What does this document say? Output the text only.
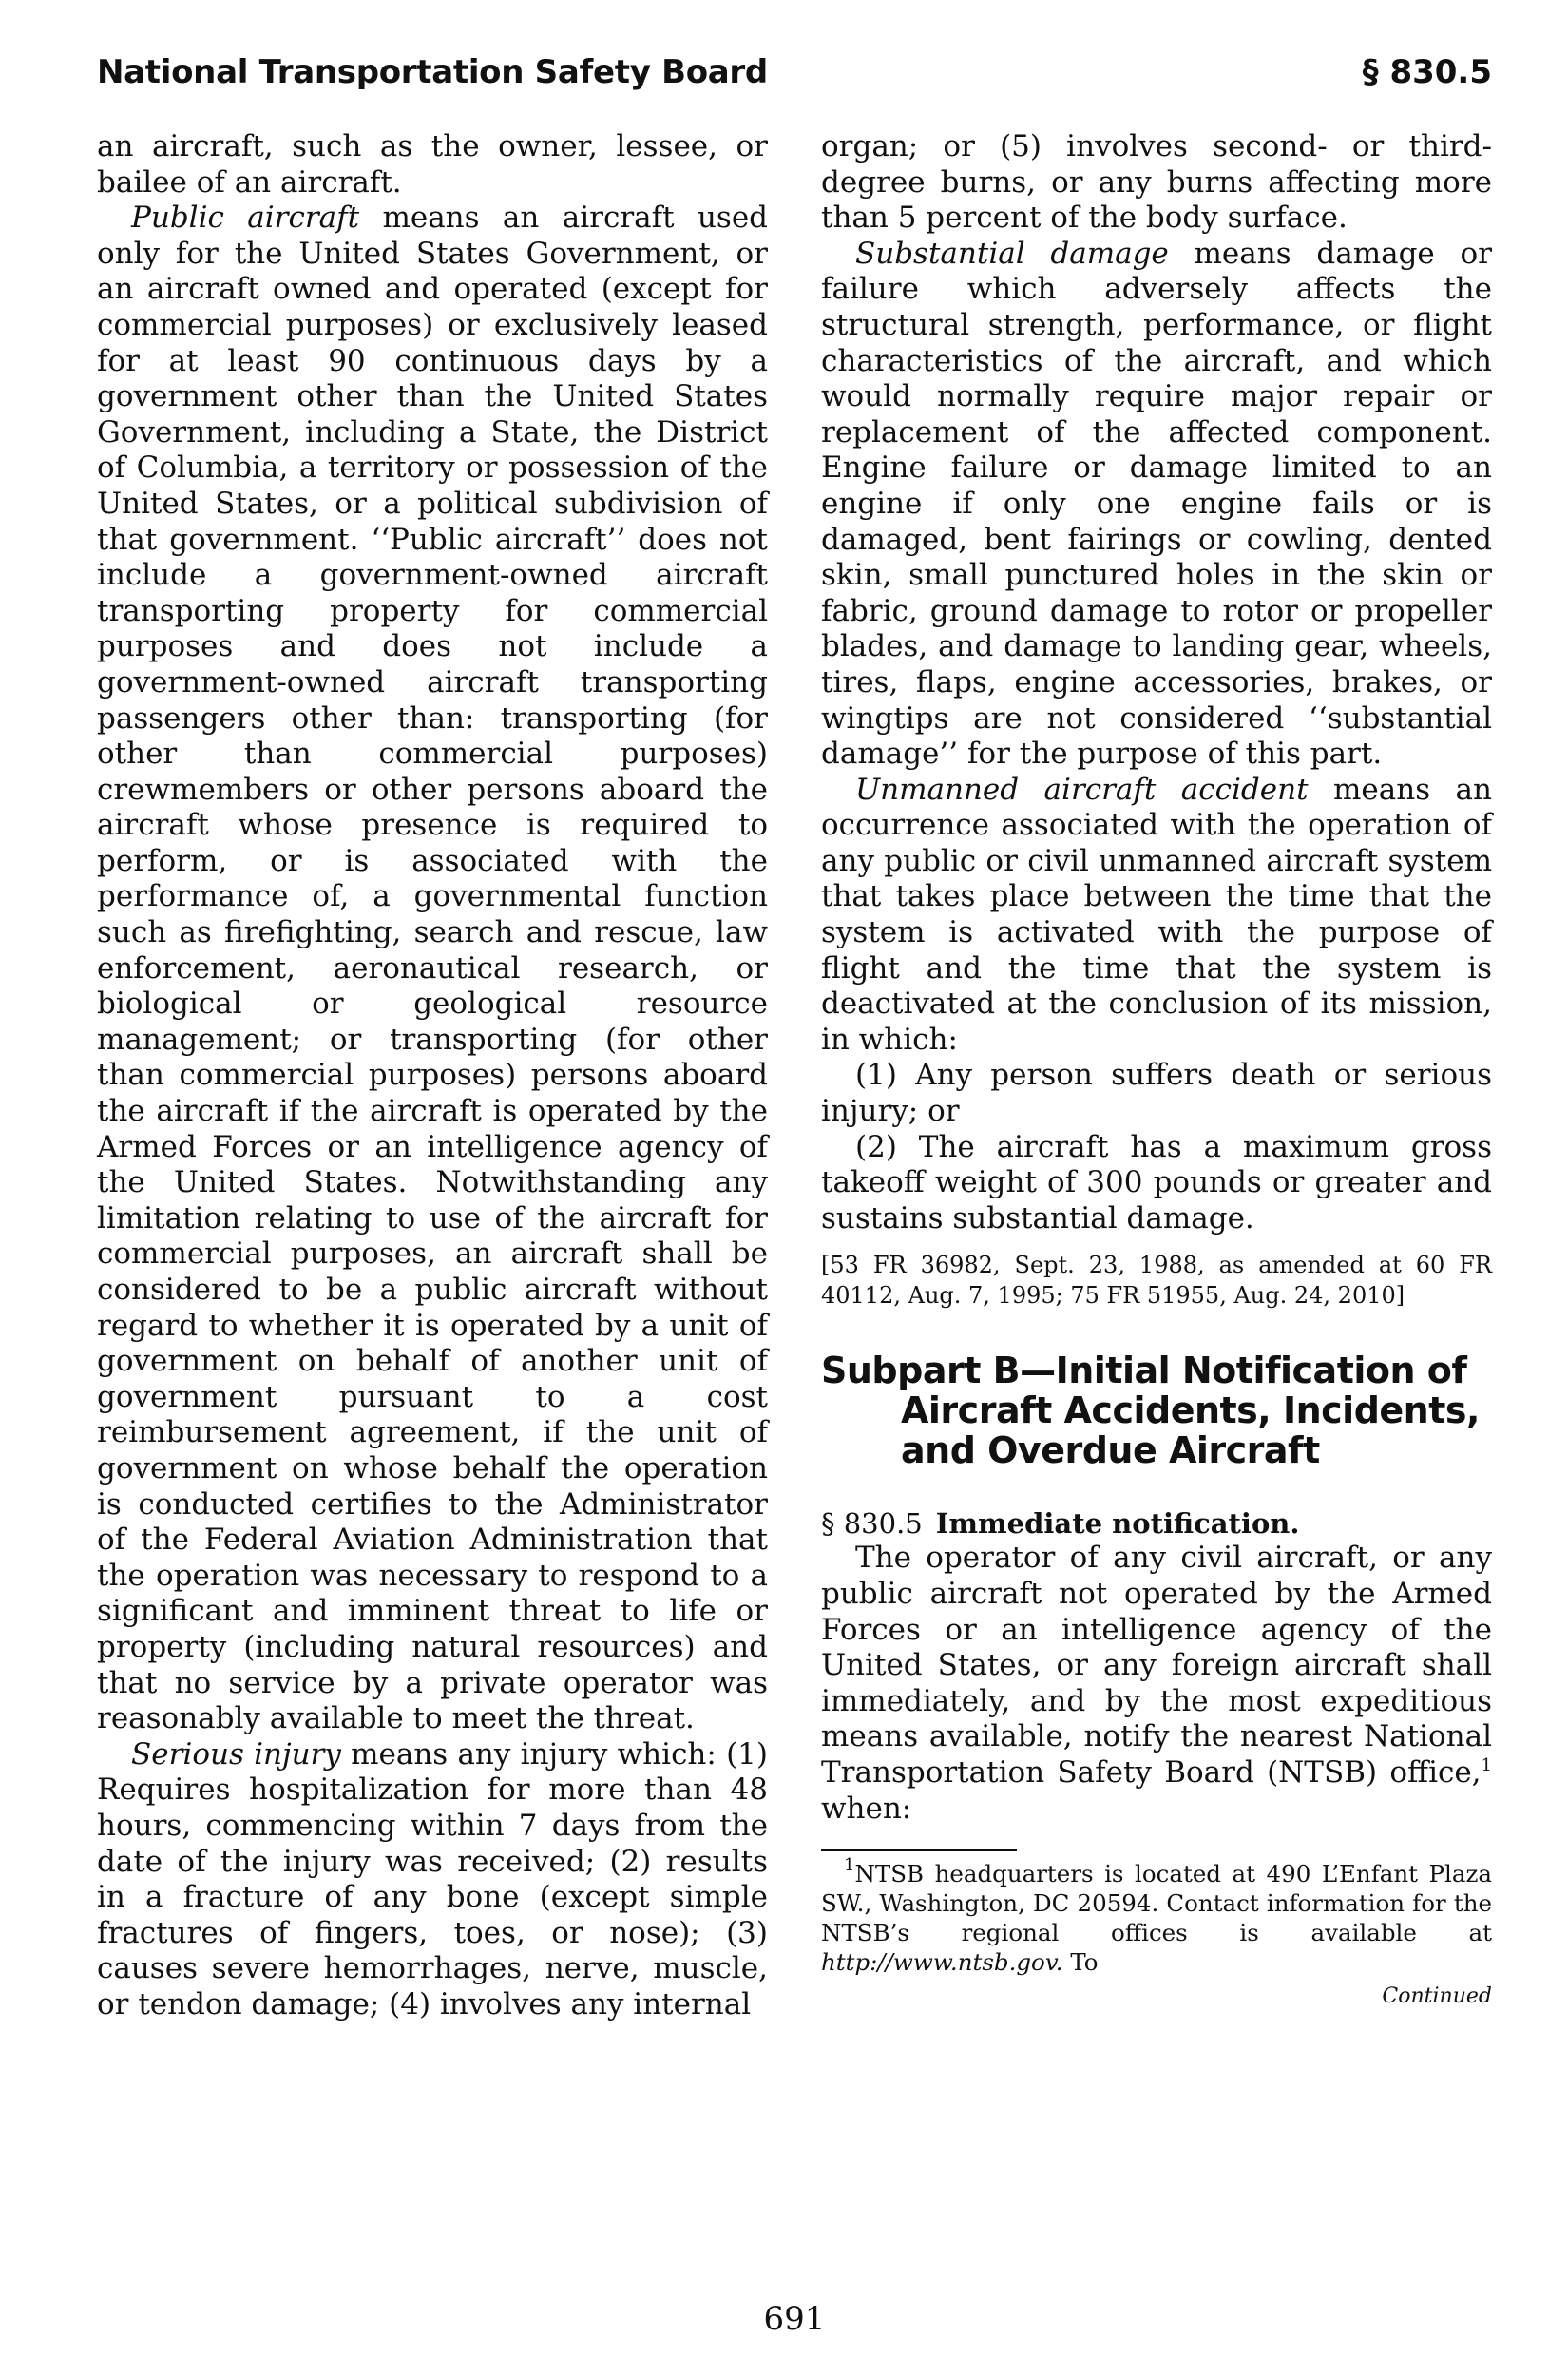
National Transportation Safety Board	§ 830.5

an aircraft, such as the owner, lessee, or bailee of an aircraft.

Public aircraft means an aircraft used only for the United States Government, or an aircraft owned and operated (except for commercial purposes) or exclusively leased for at least 90 continuous days by a government other than the United States Government, including a State, the District of Columbia, a territory or possession of the United States, or a political subdivision of that government. ‘‘Public aircraft’’ does not include a government-owned aircraft transporting property for commercial purposes and does not include a government-owned aircraft transporting passengers other than: transporting (for other than commercial purposes) crewmembers or other persons aboard the aircraft whose presence is required to perform, or is associated with the performance of, a governmental function such as firefighting, search and rescue, law enforcement, aeronautical research, or biological or geological resource management; or transporting (for other than commercial purposes) persons aboard the aircraft if the aircraft is operated by the Armed Forces or an intelligence agency of the United States. Notwithstanding any limitation relating to use of the aircraft for commercial purposes, an aircraft shall be considered to be a public aircraft without regard to whether it is operated by a unit of government on behalf of another unit of government pursuant to a cost reimbursement agreement, if the unit of government on whose behalf the operation is conducted certifies to the Administrator of the Federal Aviation Administration that the operation was necessary to respond to a significant and imminent threat to life or property (including natural resources) and that no service by a private operator was reasonably available to meet the threat.

Serious injury means any injury which: (1) Requires hospitalization for more than 48 hours, commencing within 7 days from the date of the injury was received; (2) results in a fracture of any bone (except simple fractures of fingers, toes, or nose); (3) causes severe hemorrhages, nerve, muscle, or tendon damage; (4) involves any internal

organ; or (5) involves second- or third-degree burns, or any burns affecting more than 5 percent of the body surface.

Substantial damage means damage or failure which adversely affects the structural strength, performance, or flight characteristics of the aircraft, and which would normally require major repair or replacement of the affected component. Engine failure or damage limited to an engine if only one engine fails or is damaged, bent fairings or cowling, dented skin, small punctured holes in the skin or fabric, ground damage to rotor or propeller blades, and damage to landing gear, wheels, tires, flaps, engine accessories, brakes, or wingtips are not considered ‘‘substantial damage’’ for the purpose of this part.

Unmanned aircraft accident means an occurrence associated with the operation of any public or civil unmanned aircraft system that takes place between the time that the system is activated with the purpose of flight and the time that the system is deactivated at the conclusion of its mission, in which:

(1) Any person suffers death or serious injury; or

(2) The aircraft has a maximum gross takeoff weight of 300 pounds or greater and sustains substantial damage.

[53 FR 36982, Sept. 23, 1988, as amended at 60 FR 40112, Aug. 7, 1995; 75 FR 51955, Aug. 24, 2010]

Subpart B—Initial Notification of Aircraft Accidents, Incidents, and Overdue Aircraft

§ 830.5 Immediate notification.

The operator of any civil aircraft, or any public aircraft not operated by the Armed Forces or an intelligence agency of the United States, or any foreign aircraft shall immediately, and by the most expeditious means available, notify the nearest National Transportation Safety Board (NTSB) office,$^1$ when:

$^1$NTSB headquarters is located at 490 L’Enfant Plaza SW., Washington, DC 20594. Contact information for the NTSB’s regional offices is available at http://www.ntsb.gov. To
Continued
691
